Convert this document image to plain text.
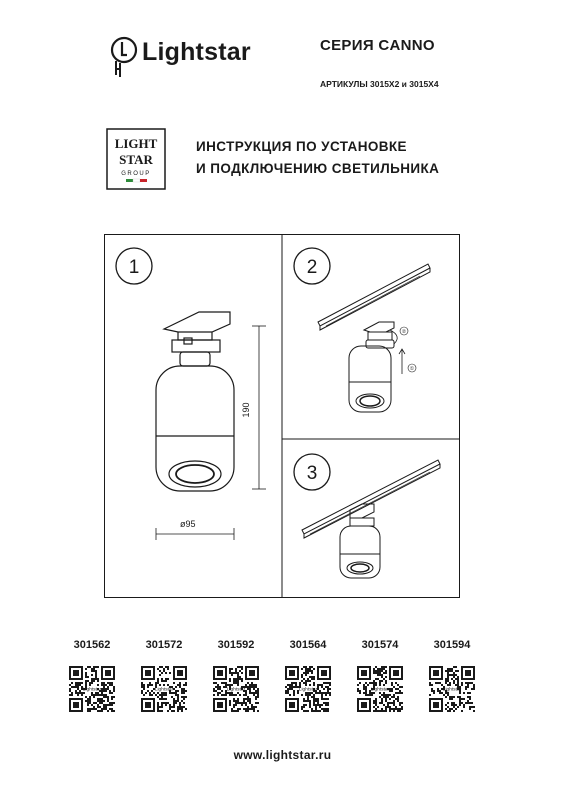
Lightstar	СЕРИЯ CANNO
АРТИКУЛЫ 3015X2 и 3015X4
LIGHT
STAR
GROUP
ИНСТРУКЦИЯ ПО УСТАНОВКЕ
И ПОДКЛЮЧЕНИЮ СВЕТИЛЬНИКА
1
190
ø95
2
②
①
3
301562
Lightstar
301572
Lightstar
301592
Lightstar
301564
Lightstar
301574
Lightstar
301594
Lightstar
www.lightstar.ru
